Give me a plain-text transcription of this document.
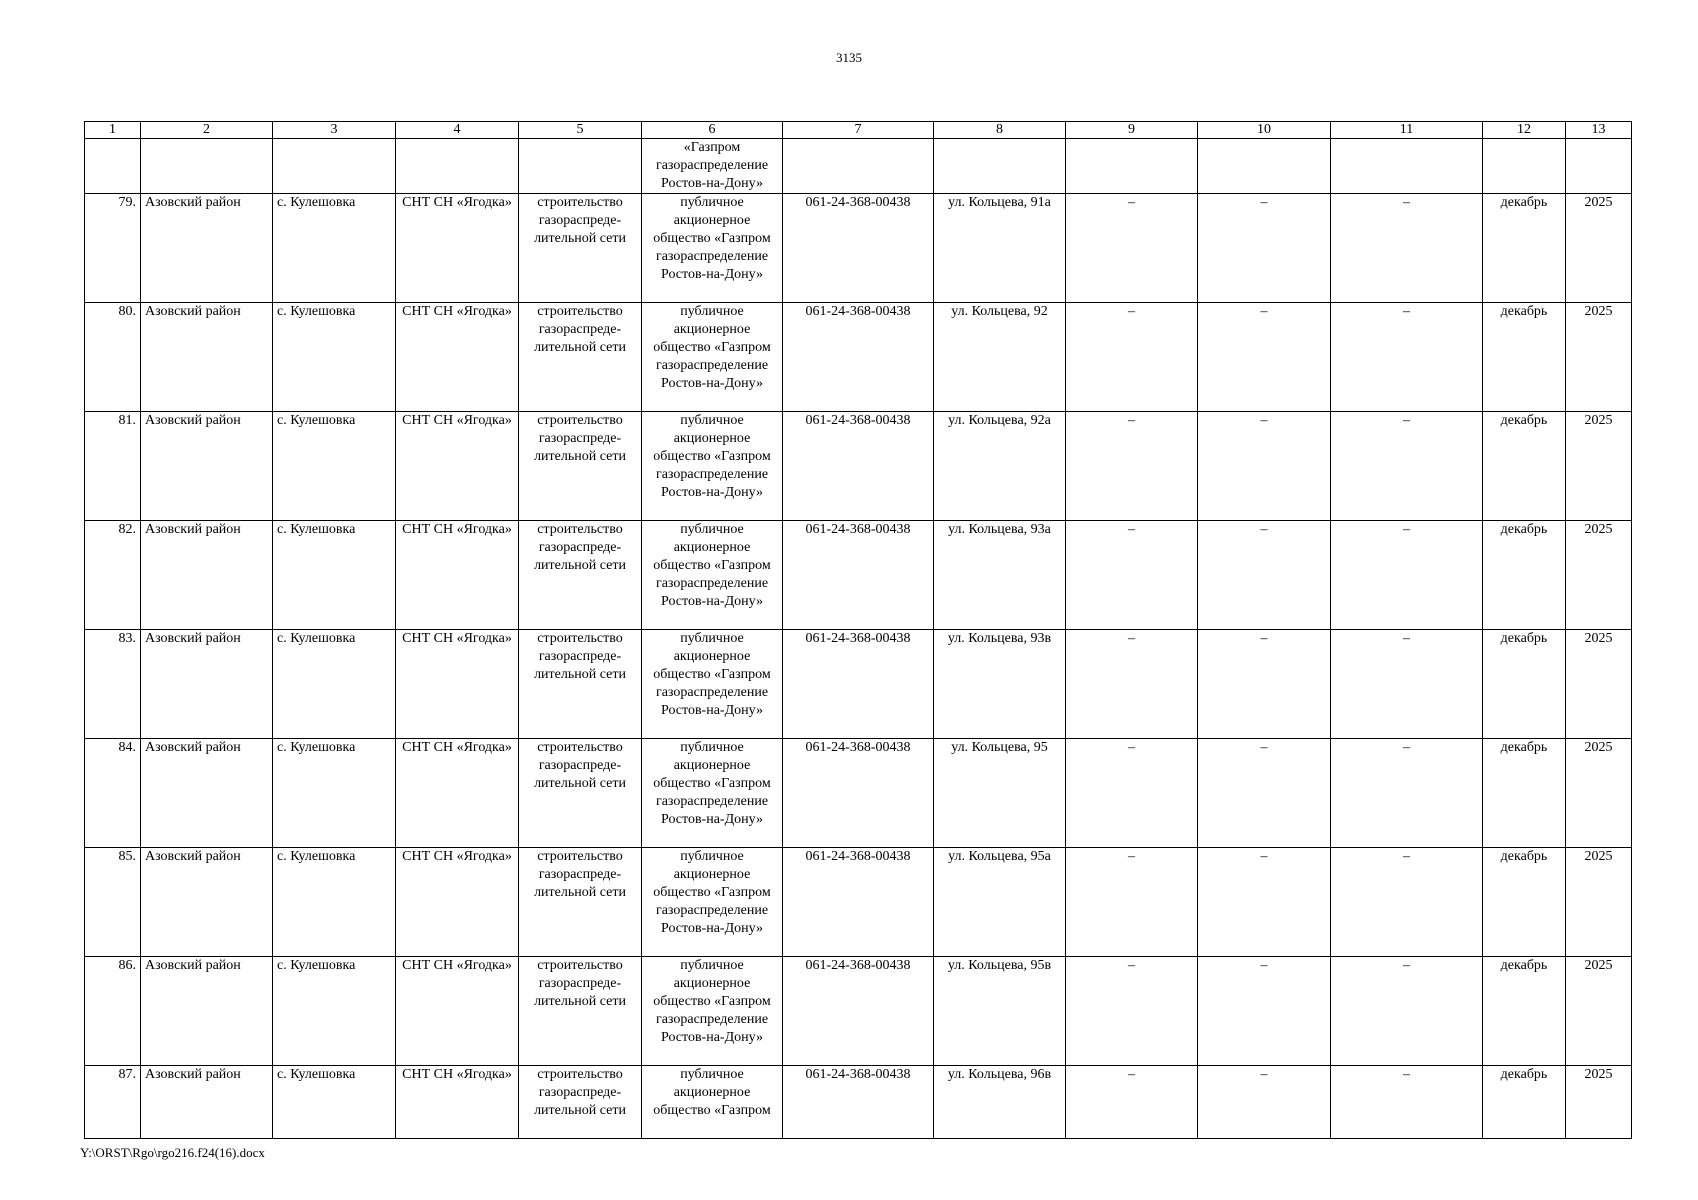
3135
1	2	3	4	5	6	7	8	9	10	11	12	13
					«Газпром газораспределение Ростов-на-Дону»							
79.	Азовский район	с. Кулешовка	СНТ СН «Ягодка»	строительство газораспреде-лительной сети	публичное акционерное общество «Газпром газораспределение Ростов-на-Дону»	061-24-368-00438	ул. Кольцева, 91а	–	–	–	декабрь	2025
80.	Азовский район	с. Кулешовка	СНТ СН «Ягодка»	строительство газораспреде-лительной сети	публичное акционерное общество «Газпром газораспределение Ростов-на-Дону»	061-24-368-00438	ул. Кольцева, 92	–	–	–	декабрь	2025
81.	Азовский район	с. Кулешовка	СНТ СН «Ягодка»	строительство газораспреде-лительной сети	публичное акционерное общество «Газпром газораспределение Ростов-на-Дону»	061-24-368-00438	ул. Кольцева, 92а	–	–	–	декабрь	2025
82.	Азовский район	с. Кулешовка	СНТ СН «Ягодка»	строительство газораспреде-лительной сети	публичное акционерное общество «Газпром газораспределение Ростов-на-Дону»	061-24-368-00438	ул. Кольцева, 93а	–	–	–	декабрь	2025
83.	Азовский район	с. Кулешовка	СНТ СН «Ягодка»	строительство газораспреде-лительной сети	публичное акционерное общество «Газпром газораспределение Ростов-на-Дону»	061-24-368-00438	ул. Кольцева, 93в	–	–	–	декабрь	2025
84.	Азовский район	с. Кулешовка	СНТ СН «Ягодка»	строительство газораспреде-лительной сети	публичное акционерное общество «Газпром газораспределение Ростов-на-Дону»	061-24-368-00438	ул. Кольцева, 95	–	–	–	декабрь	2025
85.	Азовский район	с. Кулешовка	СНТ СН «Ягодка»	строительство газораспреде-лительной сети	публичное акционерное общество «Газпром газораспределение Ростов-на-Дону»	061-24-368-00438	ул. Кольцева, 95а	–	–	–	декабрь	2025
86.	Азовский район	с. Кулешовка	СНТ СН «Ягодка»	строительство газораспреде-лительной сети	публичное акционерное общество «Газпром газораспределение Ростов-на-Дону»	061-24-368-00438	ул. Кольцева, 95в	–	–	–	декабрь	2025
87.	Азовский район	с. Кулешовка	СНТ СН «Ягодка»	строительство газораспреде-лительной сети	публичное акционерное общество «Газпром	061-24-368-00438	ул. Кольцева, 96в	–	–	–	декабрь	2025
Y:\ORST\Rgo\rgo216.f24(16).docx
